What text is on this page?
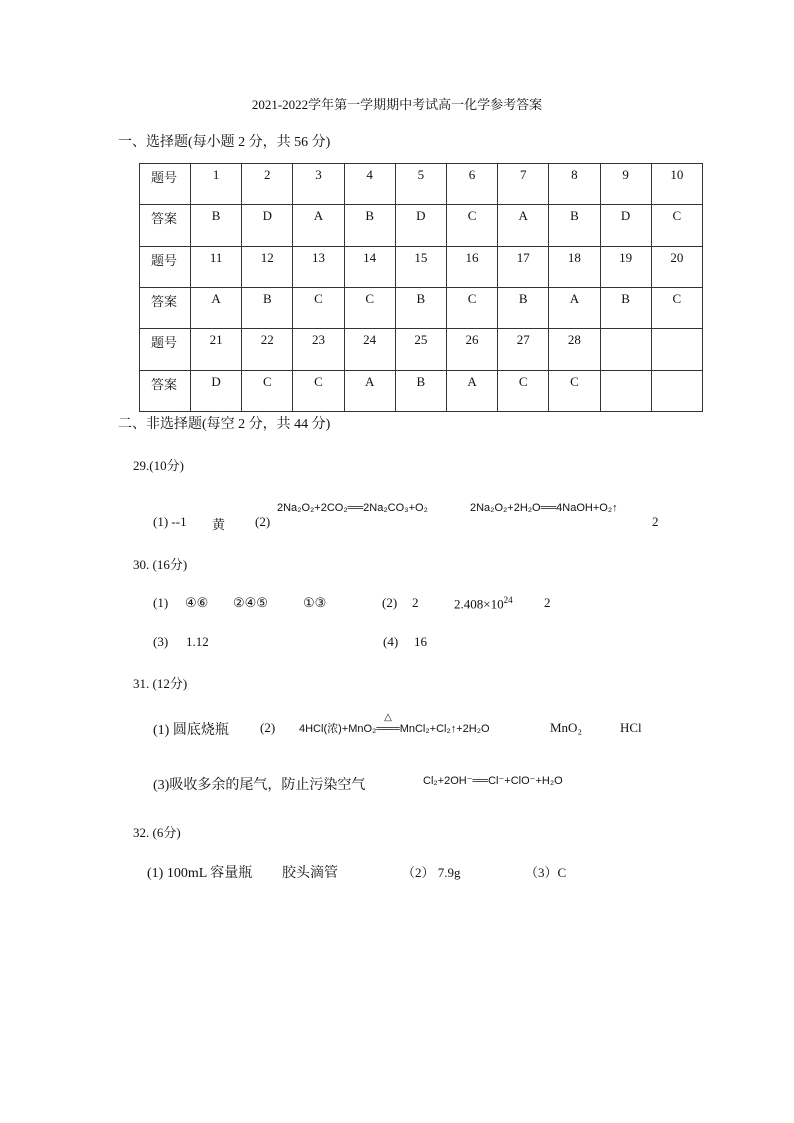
2021-2022学年第一学期期中考试高一化学参考答案
一、选择题(每小题 2 分，共 56 分)
题号	1	2	3	4	5	6	7	8	9	10
答案	B	D	A	B	D	C	A	B	D	C
题号	11	12	13	14	15	16	17	18	19	20
答案	A	B	C	C	B	C	B	A	B	C
题号	21	22	23	24	25	26	27	28		
答案	D	C	C	A	B	A	C	C		
二、非选择题(每空 2 分，共 44 分)
29.(10分)
(1) --1 黄 (2)
2Na₂O₂+2CO₂══2Na₂CO₃+O₂	2Na₂O₂+2H₂O══4NaOH+O₂↑
2
30. (16分)
(1) ④⑥ ②④⑤	①③	(2) 2	$2.408\times 10^{24}$ 2
(3) 1.12	(4) 16
31. (12分)
(1) 圆底烧瓶 (2) 4HCl(浓)+MnO₂
△
═══MnCl₂+Cl₂↑+2H₂O	MnO₂	HCl
(3)吸收多余的尾气，防止污染空气	Cl₂+2OH⁻══Cl⁻+ClO⁻+H₂O
32. (6分)
(1) 100mL 容量瓶 胶头滴管	（2） 7.9g	（3）C
